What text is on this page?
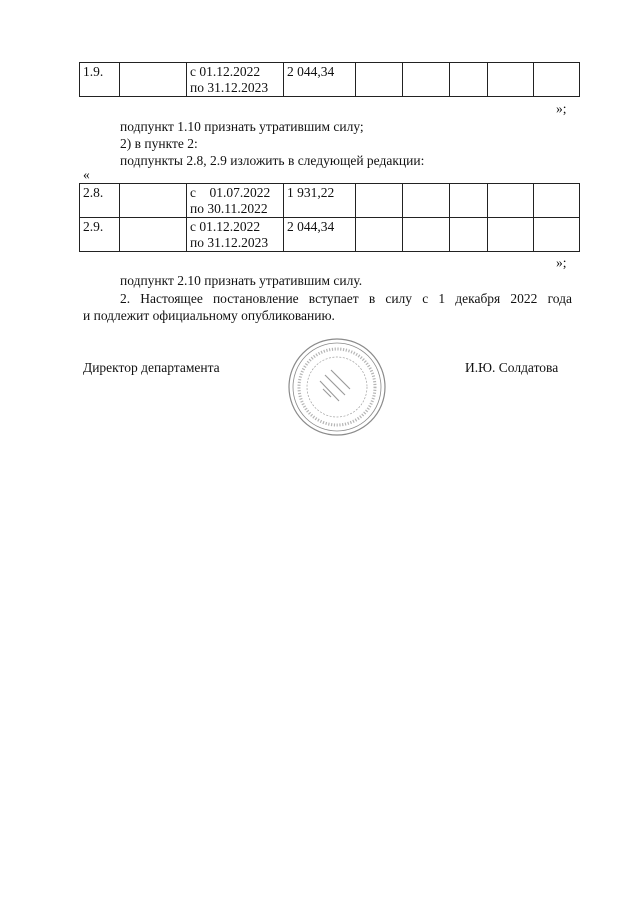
1.9.		с 01.12.2022
по 31.12.2023	2 044,34					
»;
подпункт 1.10 признать утратившим силу;
2) в пункте 2:
подпункты 2.8, 2.9 изложить в следующей редакции:
«
2.8.		с    01.07.2022
по 30.11.2022	1 931,22					
2.9.		с 01.12.2022
по 31.12.2023	2 044,34					
»;
подпункт 2.10 признать утратившим силу.
2. Настоящее постановление вступает в силу с 1 декабря 2022 года
и подлежит официальному опубликованию.
Директор департамента	И.Ю. Солдатова
